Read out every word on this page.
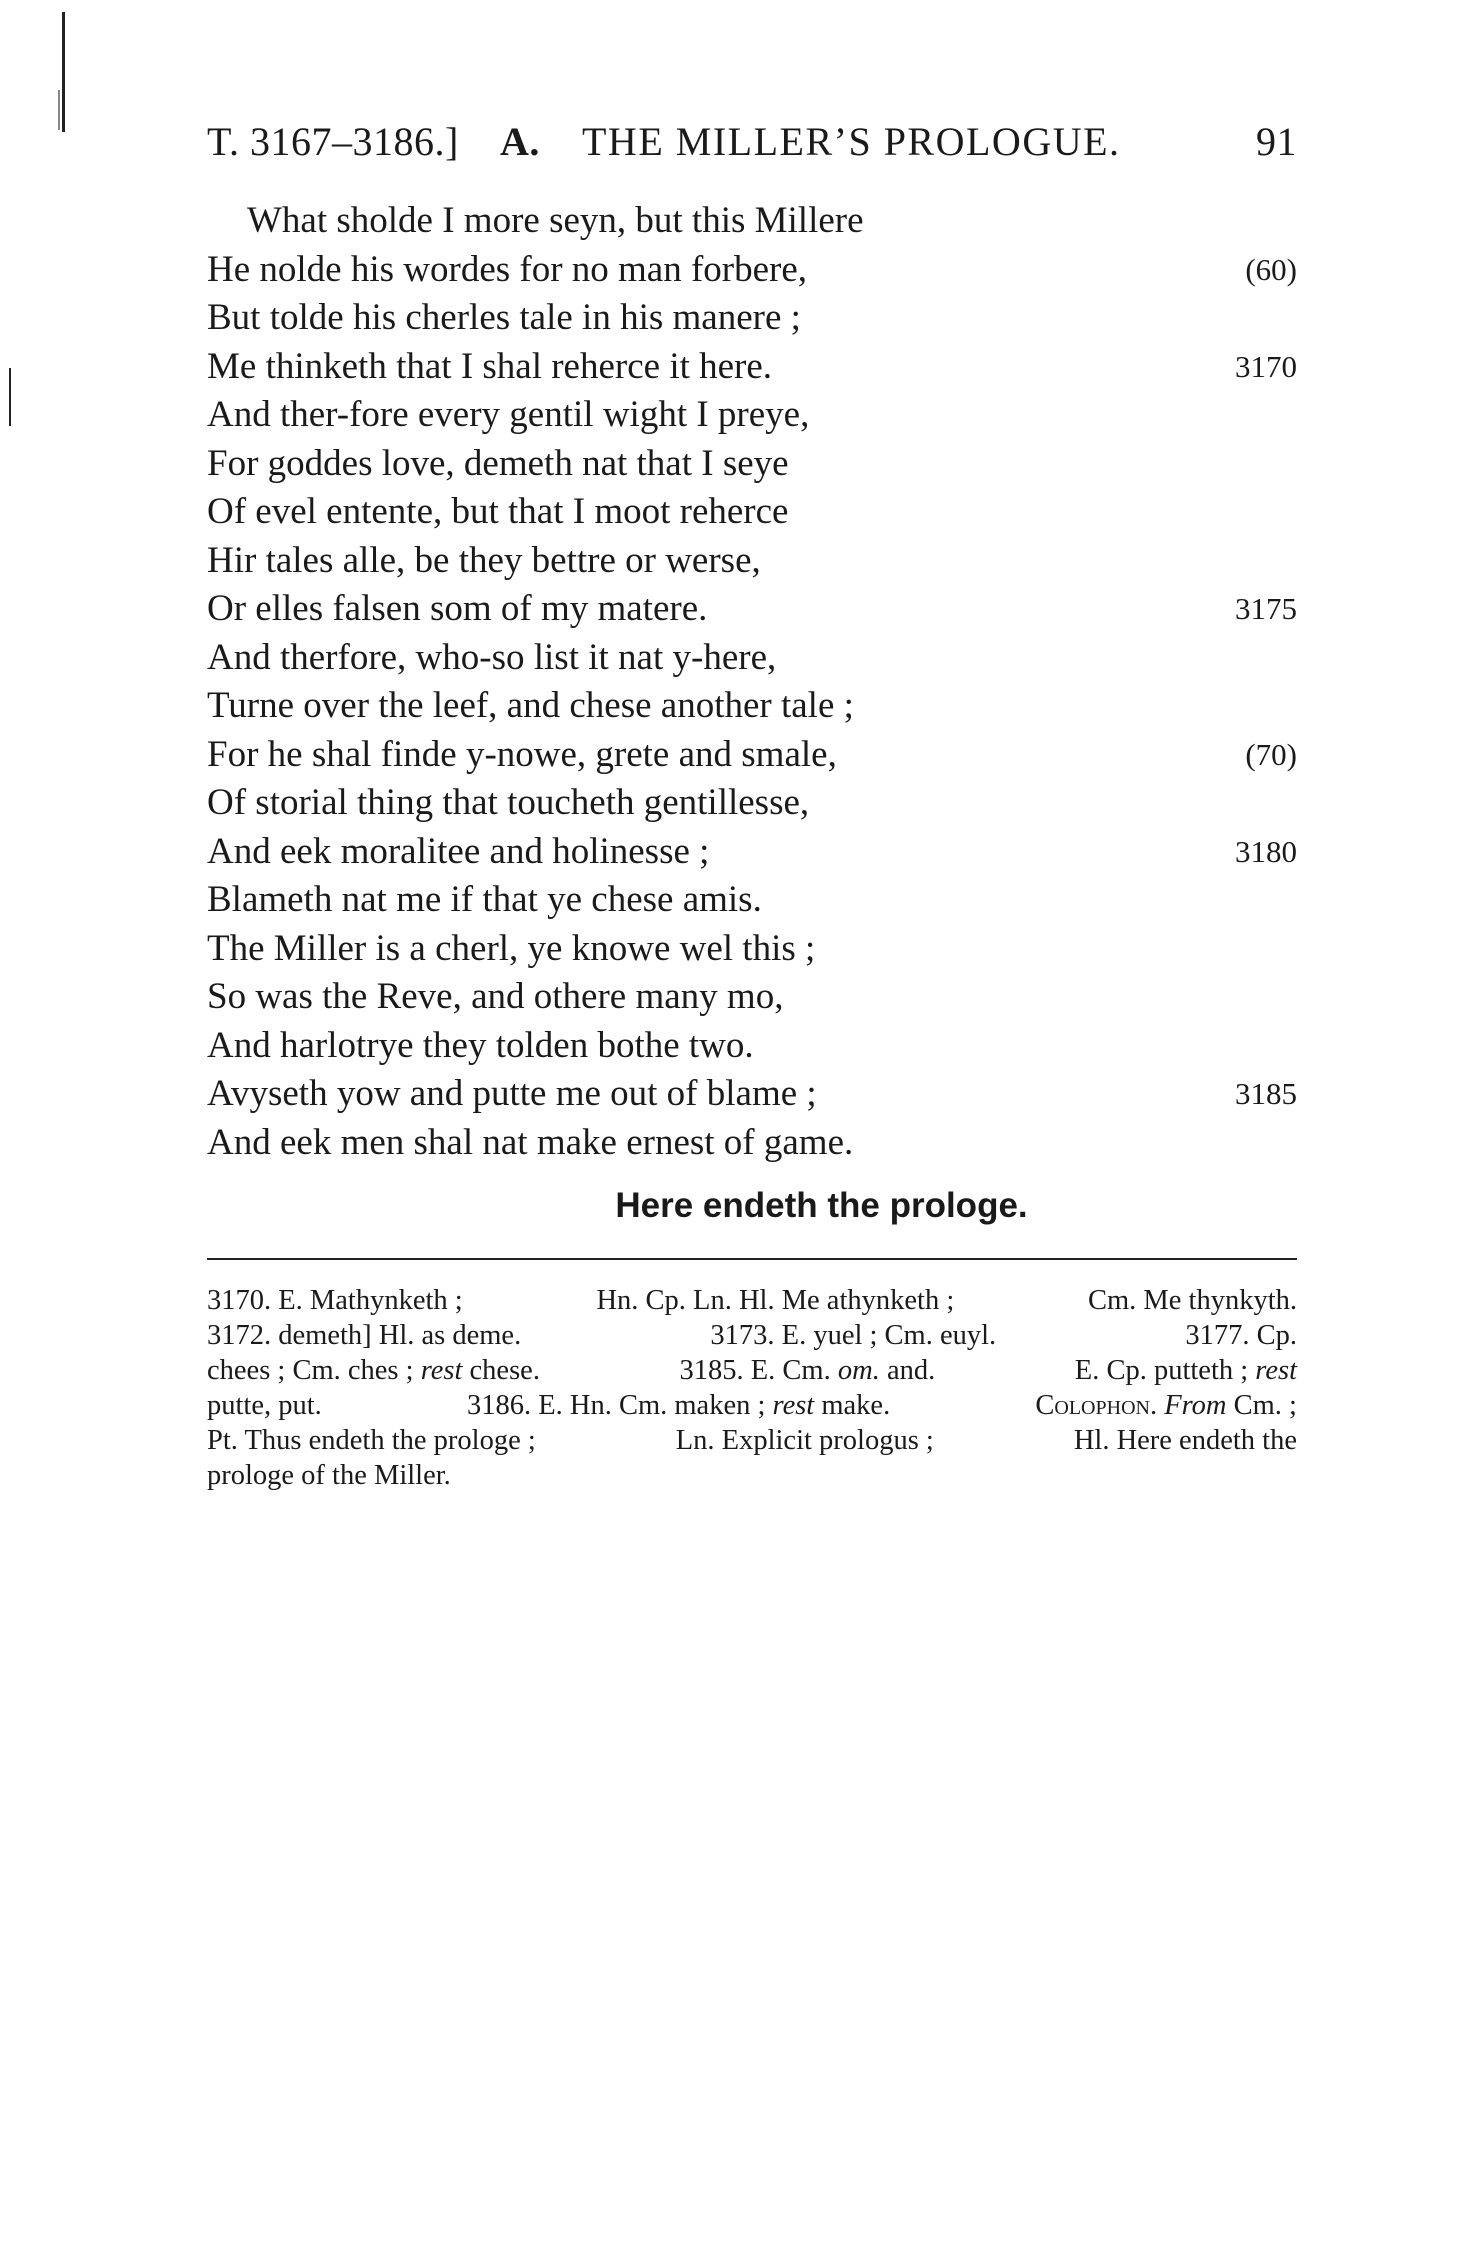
T. 3167–3186.] A. THE MILLER’S PROLOGUE.	91
What sholde I more seyn, but this Millere
He nolde his wordes for no man forbere,	(60)
But tolde his cherles tale in his manere ;
Me thinketh that I shal reherce it here.	3170
And ther-fore every gentil wight I preye,
For goddes love, demeth nat that I seye
Of evel entente, but that I moot reherce
Hir tales alle, be they bettre or werse,
Or elles falsen som of my matere.	3175
And therfore, who-so list it nat y-here,
Turne over the leef, and chese another tale ;
For he shal finde y-nowe, grete and smale,	(70)
Of storial thing that toucheth gentillesse,
And eek moralitee and holinesse ;	3180
Blameth nat me if that ye chese amis.
The Miller is a cherl, ye knowe wel this ;
So was the Reve, and othere many mo,
And harlotrye they tolden bothe two.
Avyseth yow and putte me out of blame ;	3185
And eek men shal nat make ernest of game.
Here endeth the prologe.
3170. E. Mathynketh ;	Hn. Cp. Ln. Hl. Me athynketh ;	Cm. Me thynkyth.
3172. demeth] Hl. as deme.	3173. E. yuel ; Cm. euyl.	3177. Cp.
chees ; Cm. ches ; rest chese.	3185. E. Cm. om. and.	E. Cp. putteth ; rest
putte, put.	3186. E. Hn. Cm. maken ; rest make.	Colophon. From Cm. ;
Pt. Thus endeth the prologe ;	Ln. Explicit prologus ;	Hl. Here endeth the
prologe of the Miller.
